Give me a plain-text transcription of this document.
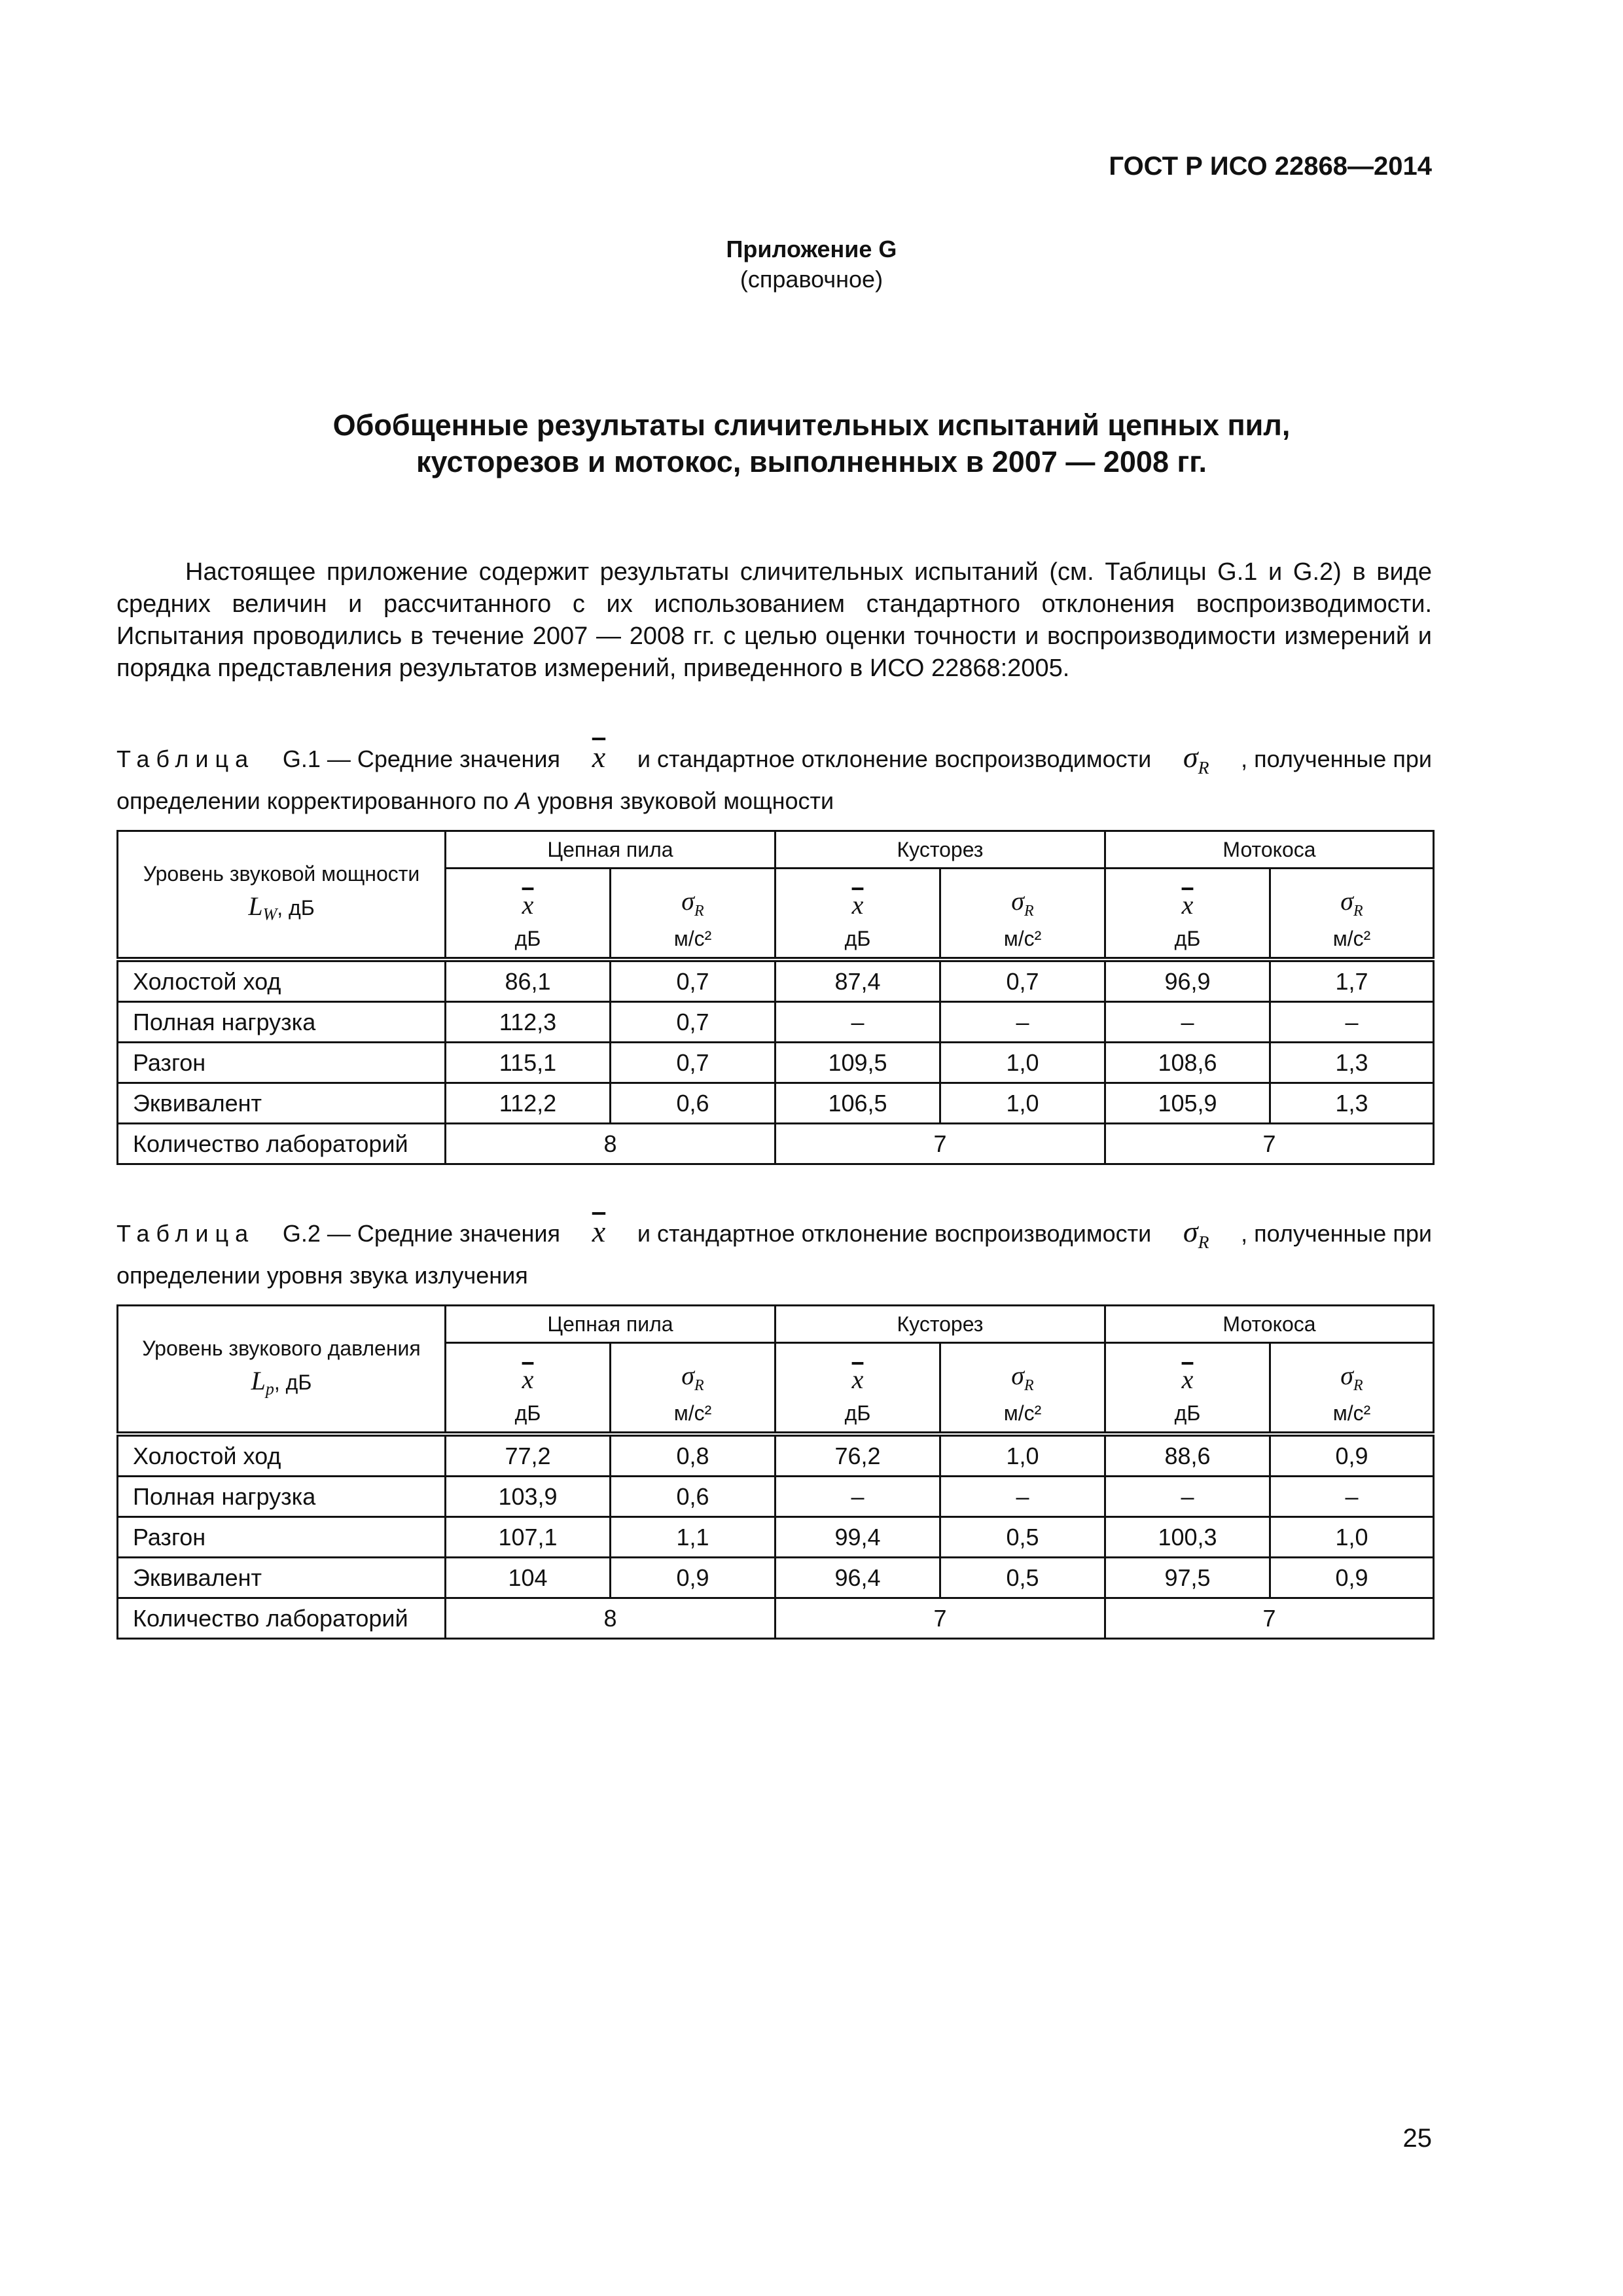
ГОСТ Р ИСО 22868—2014
Приложение G
(справочное)
Обобщенные результаты сличительных испытаний цепных пил,
кусторезов и мотокос, выполненных в 2007 — 2008 гг.
Настоящее приложение содержит результаты сличительных испытаний (см. Таблицы G.1 и G.2) в виде средних величин и рассчитанного с их использованием стандартного отклонения воспроизводимости. Испытания проводились в течение 2007 — 2008 гг. с целью оценки точности и воспроизводимости измерений и порядка представления результатов измерений, приведенного в ИСО 22868:2005.
Таблица G.1 — Средние значения $\overline{x}$ и стандартное отклонение воспроизводимости $\sigma_R$ , полученные при
определении корректированного по A уровня звуковой мощности
Уровень звуковой мощности
$L_W$, дБ	Цепная пила		Кусторез		Мотокоса	
	$\overline{x}$	$\sigma_R$	$\overline{x}$	$\sigma_R$	$\overline{x}$	$\sigma_R$
	дБ	м/с²	дБ	м/с²	дБ	м/с²
Холостой ход	86,1	0,7	87,4	0,7	96,9	1,7
Полная нагрузка	112,3	0,7	–	–	–	–
Разгон	115,1	0,7	109,5	1,0	108,6	1,3
Эквивалент	112,2	0,6	106,5	1,0	105,9	1,3
Количество лабораторий	8		7		7	
Таблица G.2 — Средние значения $\overline{x}$ и стандартное отклонение воспроизводимости $\sigma_R$ , полученные при
определении уровня звука излучения
Уровень звукового давления
$L_p$, дБ	Цепная пила		Кусторез		Мотокоса	
	$\overline{x}$	$\sigma_R$	$\overline{x}$	$\sigma_R$	$\overline{x}$	$\sigma_R$
	дБ	м/с²	дБ	м/с²	дБ	м/с²
Холостой ход	77,2	0,8	76,2	1,0	88,6	0,9
Полная нагрузка	103,9	0,6	–	–	–	–
Разгон	107,1	1,1	99,4	0,5	100,3	1,0
Эквивалент	104	0,9	96,4	0,5	97,5	0,9
Количество лабораторий	8		7		7	
25
